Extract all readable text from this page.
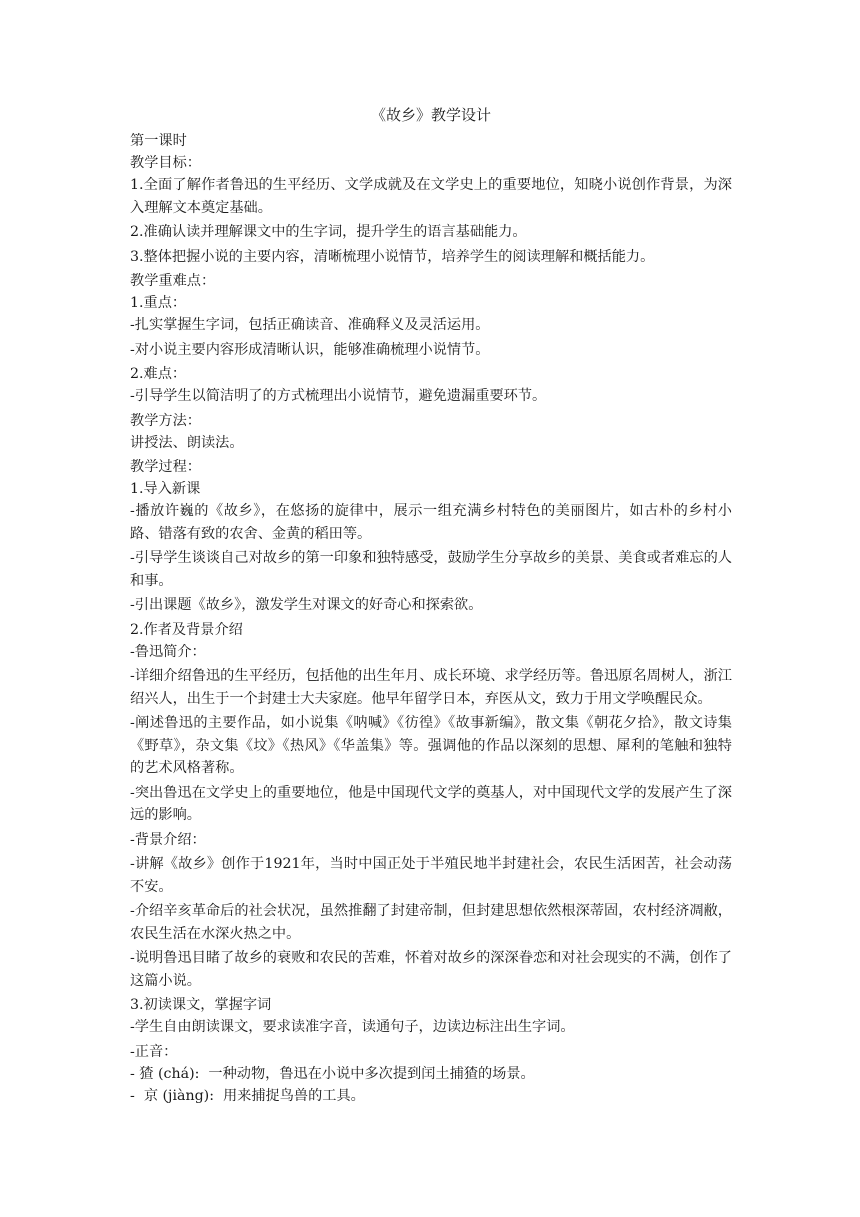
《故乡》教学设计

第一课时

教学目标：

1.全面了解作者鲁迅的生平经历、文学成就及在文学史上的重要地位，知晓小说创作背景，为深入理解文本奠定基础。

2.准确认读并理解课文中的生字词，提升学生的语言基础能力。

3.整体把握小说的主要内容，清晰梳理小说情节，培养学生的阅读理解和概括能力。

教学重难点：

1.重点：

-扎实掌握生字词，包括正确读音、准确释义及灵活运用。

-对小说主要内容形成清晰认识，能够准确梳理小说情节。

2.难点：

-引导学生以简洁明了的方式梳理出小说情节，避免遗漏重要环节。

教学方法：

讲授法、朗读法。

教学过程：

1.导入新课

-播放许巍的《故乡》，在悠扬的旋律中，展示一组充满乡村特色的美丽图片，如古朴的乡村小路、错落有致的农舍、金黄的稻田等。

-引导学生谈谈自己对故乡的第一印象和独特感受，鼓励学生分享故乡的美景、美食或者难忘的人和事。

-引出课题《故乡》，激发学生对课文的好奇心和探索欲。

2.作者及背景介绍

-鲁迅简介：

-详细介绍鲁迅的生平经历，包括他的出生年月、成长环境、求学经历等。鲁迅原名周树人，浙江绍兴人，出生于一个封建士大夫家庭。他早年留学日本，弃医从文，致力于用文学唤醒民众。

-阐述鲁迅的主要作品，如小说集《呐喊》《彷徨》《故事新编》，散文集《朝花夕拾》，散文诗集《野草》，杂文集《坟》《热风》《华盖集》等。强调他的作品以深刻的思想、犀利的笔触和独特的艺术风格著称。

-突出鲁迅在文学史上的重要地位，他是中国现代文学的奠基人，对中国现代文学的发展产生了深远的影响。

-背景介绍：

-讲解《故乡》创作于1921年，当时中国正处于半殖民地半封建社会，农民生活困苦，社会动荡不安。

-介绍辛亥革命后的社会状况，虽然推翻了封建帝制，但封建思想依然根深蒂固，农村经济凋敝，农民生活在水深火热之中。

-说明鲁迅目睹了故乡的衰败和农民的苦难，怀着对故乡的深深眷恋和对社会现实的不满，创作了这篇小说。

3.初读课文，掌握字词

-学生自由朗读课文，要求读准字音，读通句子，边读边标注出生字词。

-正音：

- 猹 (chá):  一种动物，鲁迅在小说中多次提到闰土捕猹的场景。

-  京 (jiàng):  用来捕捉鸟兽的工具。
